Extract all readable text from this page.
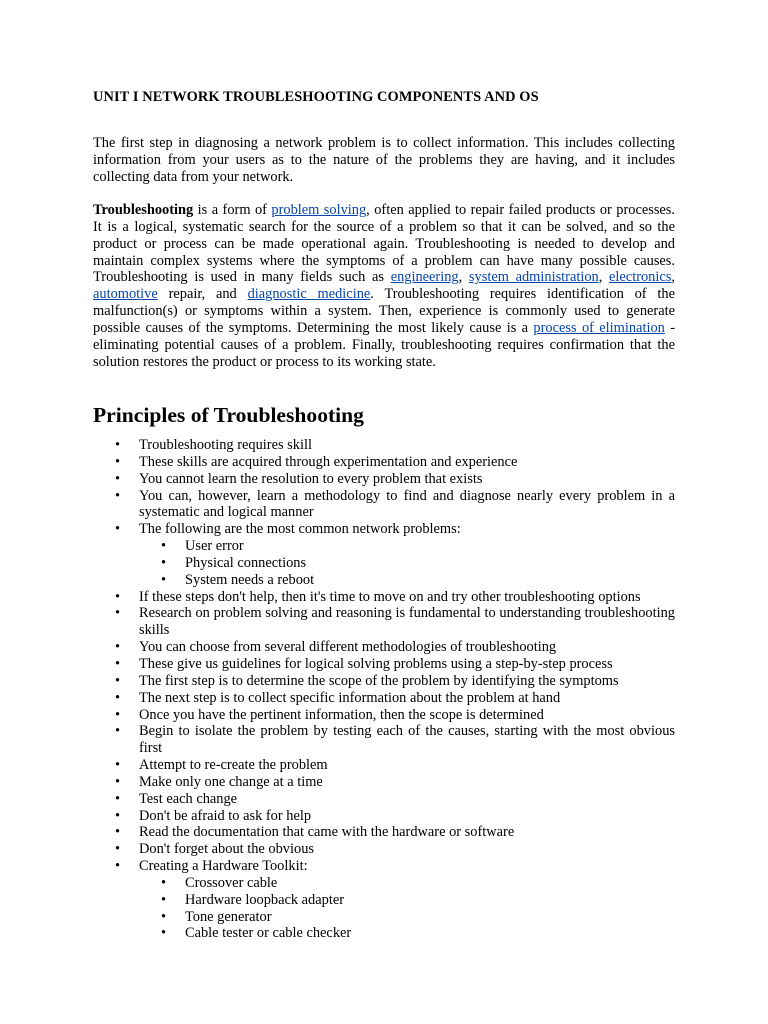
UNIT I NETWORK TROUBLESHOOTING COMPONENTS AND OS

The first step in diagnosing a network problem is to collect information. This includes collecting information from your users as to the nature of the problems they are having, and it includes collecting data from your network.

Troubleshooting is a form of problem solving, often applied to repair failed products or processes. It is a logical, systematic search for the source of a problem so that it can be solved, and so the product or process can be made operational again. Troubleshooting is needed to develop and maintain complex systems where the symptoms of a problem can have many possible causes. Troubleshooting is used in many fields such as engineering, system administration, electronics, automotive repair, and diagnostic medicine. Troubleshooting requires identification of the malfunction(s) or symptoms within a system. Then, experience is commonly used to generate possible causes of the symptoms. Determining the most likely cause is a process of elimination - eliminating potential causes of a problem. Finally, troubleshooting requires confirmation that the solution restores the product or process to its working state.

Principles of Troubleshooting
• Troubleshooting requires skill
• These skills are acquired through experimentation and experience
• You cannot learn the resolution to every problem that exists
• You can, however, learn a methodology to find and diagnose nearly every problem in a systematic and logical manner
• The following are the most common network problems:
• User error
• Physical connections
• System needs a reboot
• If these steps don't help, then it's time to move on and try other troubleshooting options
• Research on problem solving and reasoning is fundamental to understanding troubleshooting skills
• You can choose from several different methodologies of troubleshooting
• These give us guidelines for logical solving problems using a step-by-step process
• The first step is to determine the scope of the problem by identifying the symptoms
• The next step is to collect specific information about the problem at hand
• Once you have the pertinent information, then the scope is determined
• Begin to isolate the problem by testing each of the causes, starting with the most obvious first
• Attempt to re-create the problem
• Make only one change at a time
• Test each change
• Don't be afraid to ask for help
• Read the documentation that came with the hardware or software
• Don't forget about the obvious
• Creating a Hardware Toolkit:
• Crossover cable
• Hardware loopback adapter
• Tone generator
• Cable tester or cable checker
